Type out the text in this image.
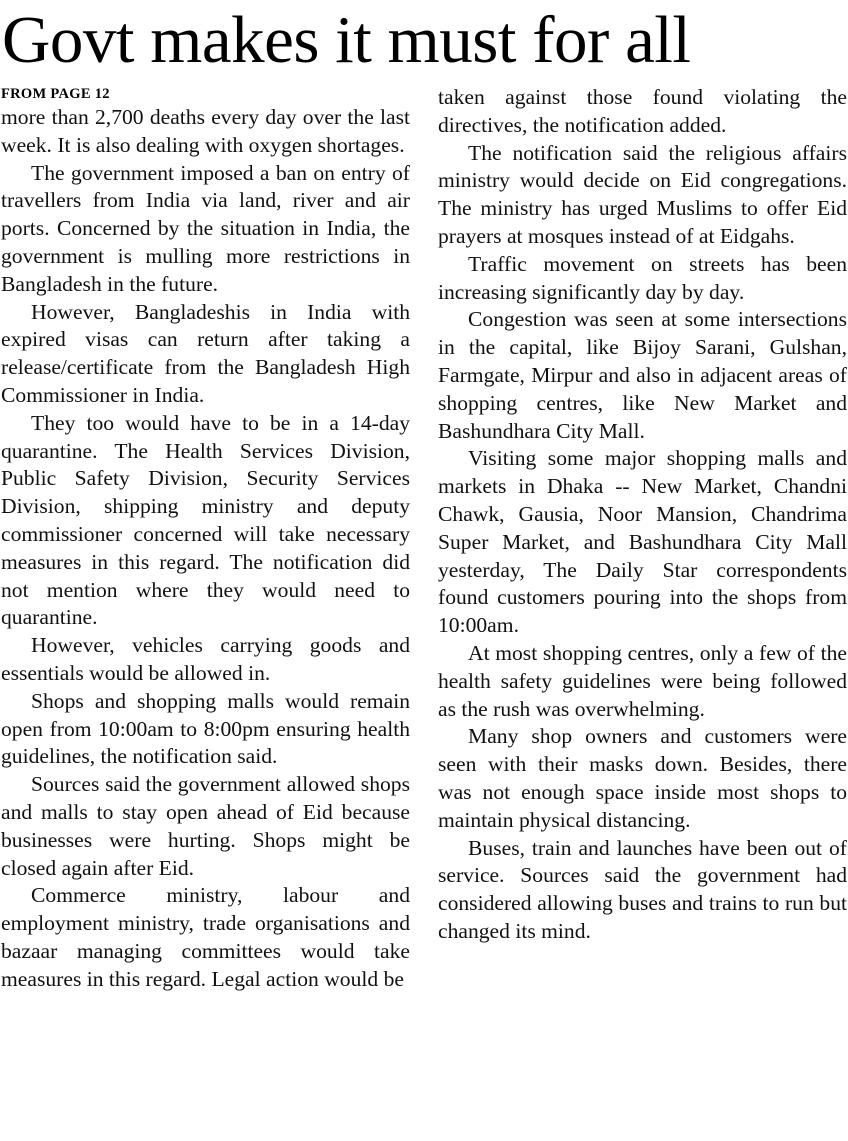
Govt makes it must for all
FROM PAGE 12

more than 2,700 deaths every day over the last week. It is also dealing with oxygen shortages.

The government imposed a ban on entry of travellers from India via land, river and air ports. Concerned by the situation in India, the government is mulling more restrictions in Bangladesh in the future.

However, Bangladeshis in India with expired visas can return after taking a release/certificate from the Bangladesh High Commissioner in India.

They too would have to be in a 14-day quarantine. The Health Services Division, Public Safety Division, Security Services Division, shipping ministry and deputy commissioner concerned will take necessary measures in this regard. The notification did not mention where they would need to quarantine.

However, vehicles carrying goods and essentials would be allowed in.

Shops and shopping malls would remain open from 10:00am to 8:00pm ensuring health guidelines, the notification said.

Sources said the government allowed shops and malls to stay open ahead of Eid because businesses were hurting. Shops might be closed again after Eid.

Commerce ministry, labour and employment ministry, trade organisations and bazaar managing committees would take measures in this regard. Legal action would be

taken against those found violating the directives, the notification added.

The notification said the religious affairs ministry would decide on Eid congregations. The ministry has urged Muslims to offer Eid prayers at mosques instead of at Eidgahs.

Traffic movement on streets has been increasing significantly day by day.

Congestion was seen at some intersections in the capital, like Bijoy Sarani, Gulshan, Farmgate, Mirpur and also in adjacent areas of shopping centres, like New Market and Bashundhara City Mall.

Visiting some major shopping malls and markets in Dhaka -- New Market, Chandni Chawk, Gausia, Noor Mansion, Chandrima Super Market, and Bashundhara City Mall yesterday, The Daily Star correspondents found customers pouring into the shops from 10:00am.

At most shopping centres, only a few of the health safety guidelines were being followed as the rush was overwhelming.

Many shop owners and customers were seen with their masks down. Besides, there was not enough space inside most shops to maintain physical distancing.

Buses, train and launches have been out of service. Sources said the government had considered allowing buses and trains to run but changed its mind.
